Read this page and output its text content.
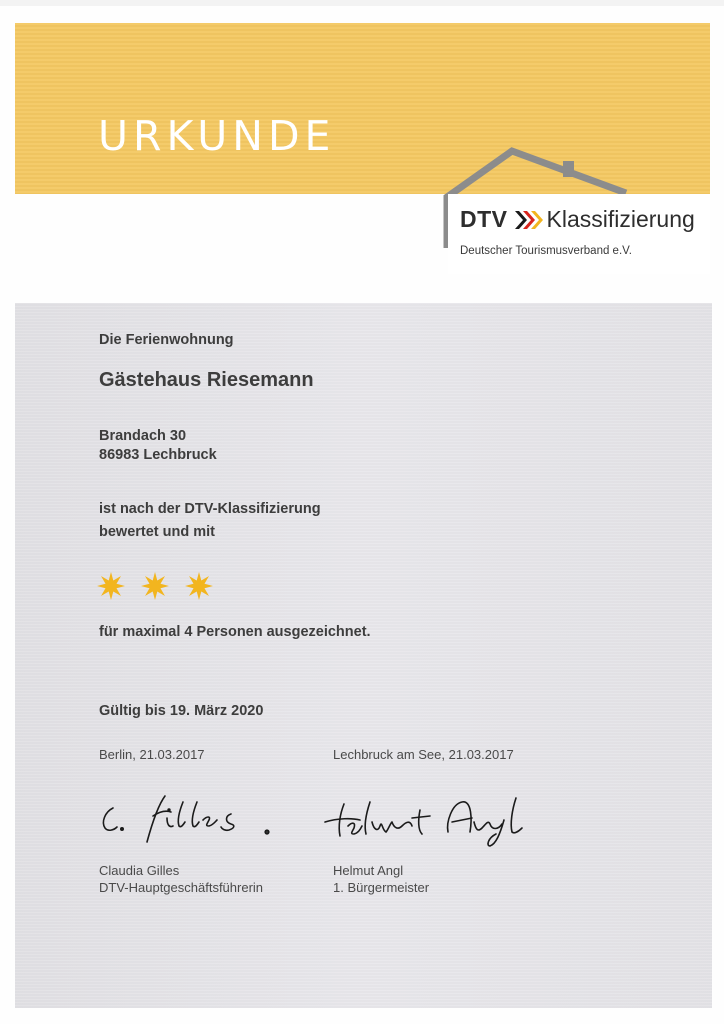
URKUNDE
DTV Klassifizierung
Deutscher Tourismusverband e.V.
Die Ferienwohnung
Gästehaus Riesemann
Brandach 30
86983 Lechbruck
ist nach der DTV-Klassifizierung
bewertet und mit
für maximal 4 Personen ausgezeichnet.
Gültig bis 19. März 2020
Berlin, 21.03.2017	Lechbruck am See, 21.03.2017
Claudia Gilles
DTV-Hauptgeschäftsführerin
Helmut Angl
1. Bürgermeister
